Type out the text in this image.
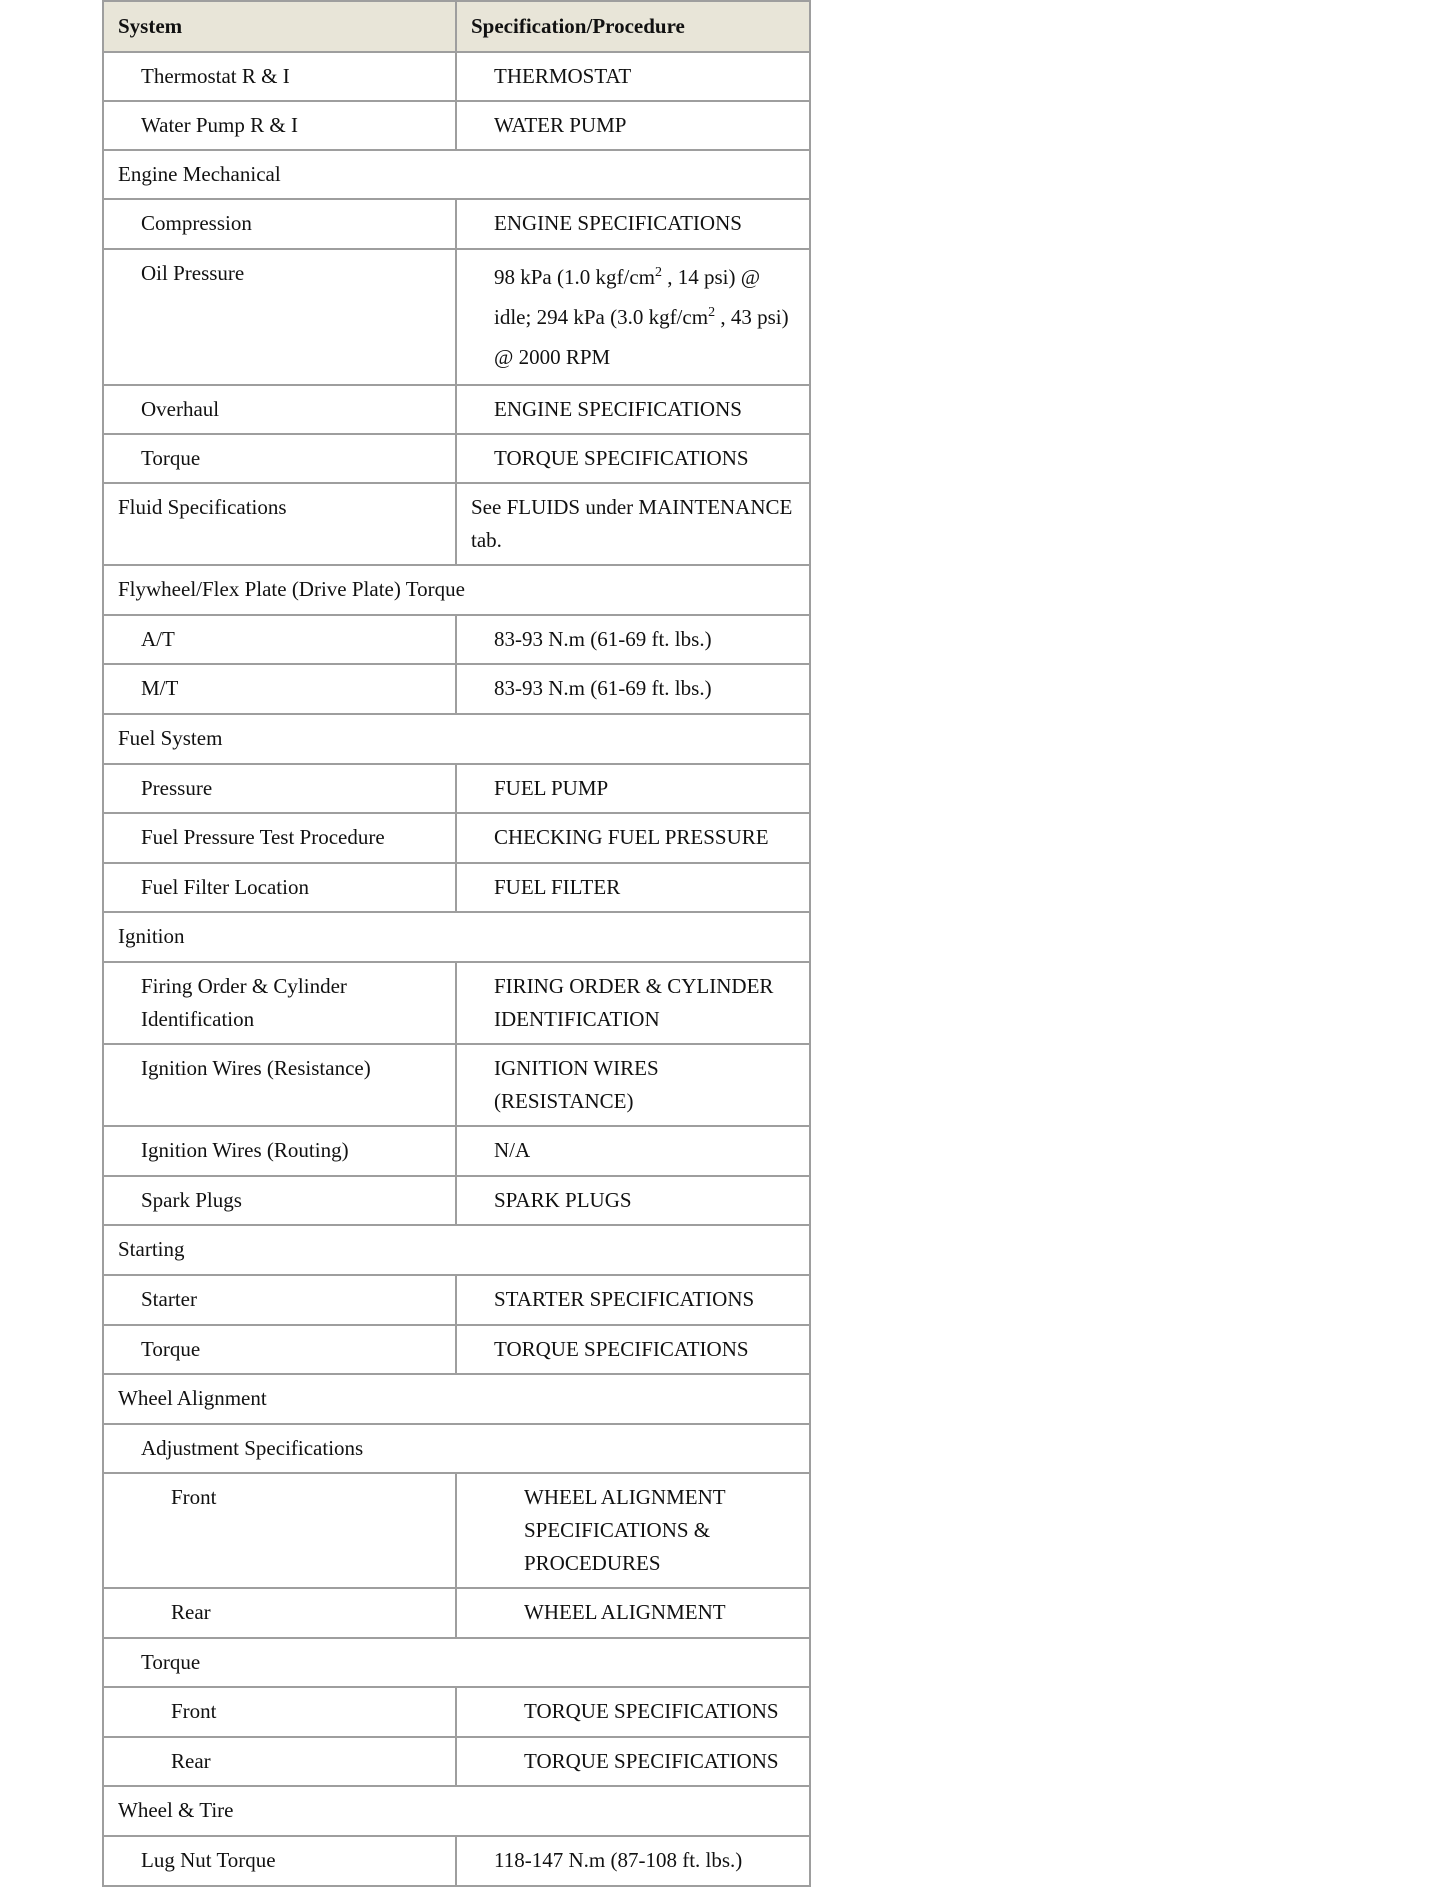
System	Specification/Procedure
Thermostat R & I	THERMOSTAT
Water Pump R & I	WATER PUMP
Engine Mechanical	
Compression	ENGINE SPECIFICATIONS
Oil Pressure	98 kPa (1.0 kgf/$cm^2$ , 14 psi) @ idle; 294 kPa (3.0 kgf/$cm^2$ , 43 psi) @ 2000 RPM

Overhaul	ENGINE SPECIFICATIONS
Torque	TORQUE SPECIFICATIONS
Fluid Specifications	See FLUIDS under MAINTENANCE tab.
Flywheel/Flex Plate (Drive Plate) Torque	
A/T	83-93 N.m (61-69 ft. lbs.)
M/T	83-93 N.m (61-69 ft. lbs.)
Fuel System	
Pressure	FUEL PUMP
Fuel Pressure Test Procedure	CHECKING FUEL PRESSURE
Fuel Filter Location	FUEL FILTER
Ignition	
Firing Order & Cylinder Identification	FIRING ORDER & CYLINDER IDENTIFICATION
Ignition Wires (Resistance)	IGNITION WIRES (RESISTANCE)
Ignition Wires (Routing)	N/A
Spark Plugs	SPARK PLUGS
Starting	
Starter	STARTER SPECIFICATIONS
Torque	TORQUE SPECIFICATIONS
Wheel Alignment	
Adjustment Specifications	
Front	WHEEL ALIGNMENT SPECIFICATIONS & PROCEDURES
Rear	WHEEL ALIGNMENT
Torque	
Front	TORQUE SPECIFICATIONS
Rear	TORQUE SPECIFICATIONS
Wheel & Tire	
Lug Nut Torque	118-147 N.m (87-108 ft. lbs.)
